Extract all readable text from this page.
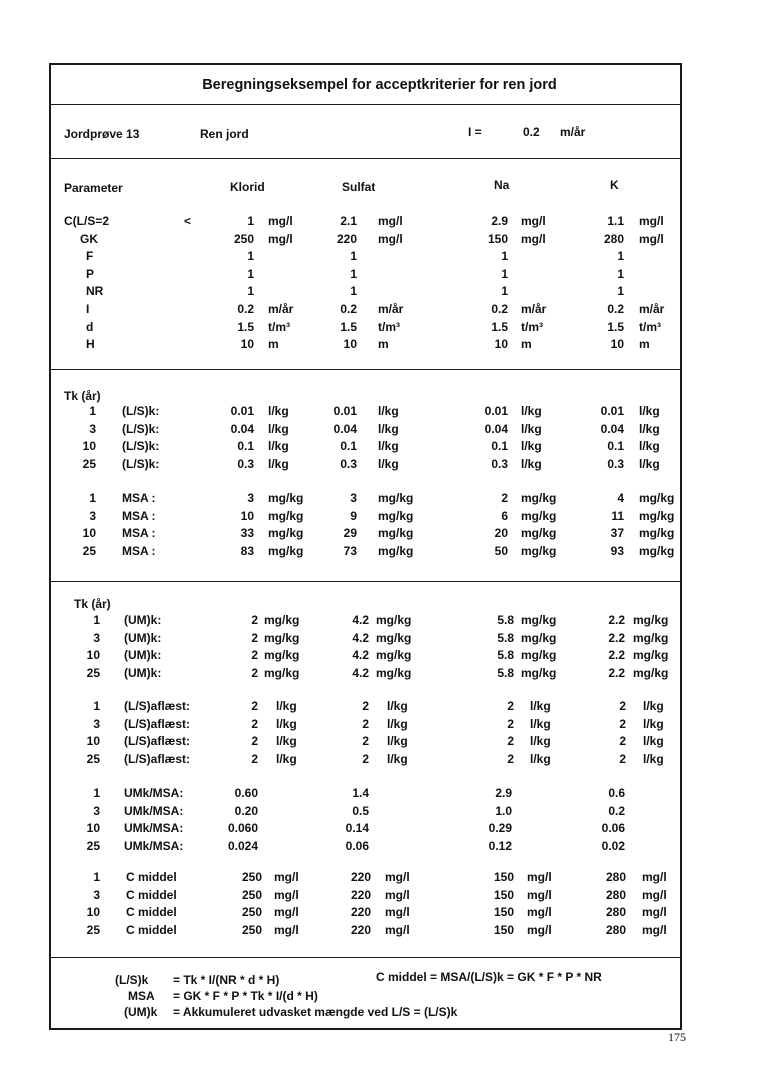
Beregningseksempel for acceptkriterier for ren jord
Jordprøve 13	Ren jord	I =	0.2 m/år
Parameter	Klorid	Sulfat	Na	K
C(L/S=2	<	1 mg/l	2.1 mg/l	2.9 mg/l	1.1 mg/l
GK	250 mg/l	220 mg/l	150 mg/l	280 mg/l
F	1	1	1	1
P	1	1	1	1
NR	1	1	1	1
I	0.2 m/år	0.2 m/år	0.2 m/år	0.2 m/år
d	1.5 t/m³	1.5 t/m³	1.5 t/m³	1.5 t/m³
H	10 m	10 m	10 m	10 m
1 (L/S)k:	0.01 l/kg	0.01 l/kg	0.01 l/kg	0.01 l/kg
3 (L/S)k:	0.04 l/kg	0.04 l/kg	0.04 l/kg	0.04 l/kg
10 (L/S)k:	0.1 l/kg	0.1 l/kg	0.1 l/kg	0.1 l/kg
25 (L/S)k:	0.3 l/kg	0.3 l/kg	0.3 l/kg	0.3 l/kg
1 MSA :	3 mg/kg	3 mg/kg	2 mg/kg	4 mg/kg
3 MSA :	10 mg/kg	9 mg/kg	6 mg/kg	11 mg/kg
10 MSA :	33 mg/kg	29 mg/kg	20 mg/kg	37 mg/kg
25 MSA :	83 mg/kg	73 mg/kg	50 mg/kg	93 mg/kg
1 (UM)k:	2 mg/kg	4.2 mg/kg	5.8 mg/kg	2.2 mg/kg
3 (UM)k:	2 mg/kg	4.2 mg/kg	5.8 mg/kg	2.2 mg/kg
10 (UM)k:	2 mg/kg	4.2 mg/kg	5.8 mg/kg	2.2 mg/kg
25 (UM)k:	2 mg/kg	4.2 mg/kg	5.8 mg/kg	2.2 mg/kg
1 (L/S)aflæst:	2 l/kg	2 l/kg	2 l/kg	2 l/kg
3 (L/S)aflæst:	2 l/kg	2 l/kg	2 l/kg	2 l/kg
10 (L/S)aflæst:	2 l/kg	2 l/kg	2 l/kg	2 l/kg
25 (L/S)aflæst:	2 l/kg	2 l/kg	2 l/kg	2 l/kg
1 UMk/MSA:	0.60	1.4	2.9	0.6
3 UMk/MSA:	0.20	0.5	1.0	0.2
10 UMk/MSA:	0.060	0.14	0.29	0.06
25 UMk/MSA:	0.024	0.06	0.12	0.02
1 C middel	250 mg/l	220 mg/l	150 mg/l	280 mg/l
3 C middel	250 mg/l	220 mg/l	150 mg/l	280 mg/l
10 C middel	250 mg/l	220 mg/l	150 mg/l	280 mg/l
25 C middel	250 mg/l	220 mg/l	150 mg/l	280 mg/l
Tk (år)
Tk (år)
(L/S)k = Tk * I/(NR * d * H)	C middel = MSA/(L/S)k = GK * F * P * NR
MSA = GK * F * P * Tk * I/(d * H)
(UM)k = Akkumuleret udvasket mængde ved L/S = (L/S)k
175
